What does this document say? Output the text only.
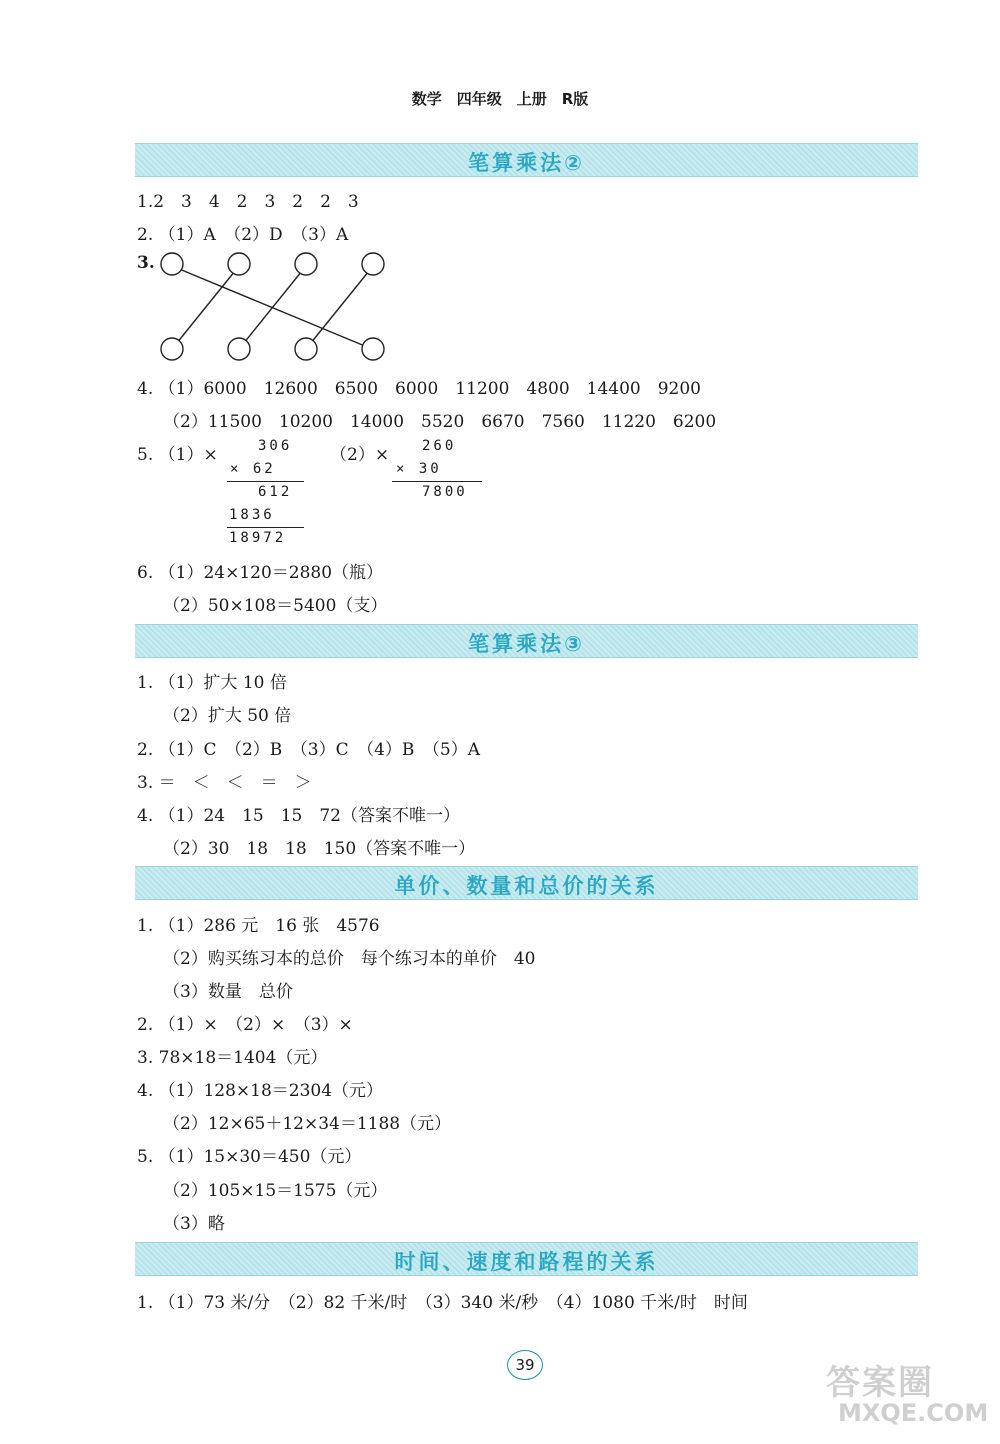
数学　四年级　上册　R版
笔算乘法②
1.2　3　4　2　3　2　2　3
2. （1）A　（2）D　（3）A
3.
4. （1）6000　12600　6500　6000　11200　4800　14400　9200
（2）11500　10200　14000　5520　6670　7560　11220　6200
5. （1）×	306
× 62
612
1836
18972
（2）× 260
× 30
7800
6. （1）24×120＝2880（瓶）
（2）50×108＝5400（支）
笔算乘法③
1. （1）扩大 10 倍
（2）扩大 50 倍
2. （1）C　（2）B　（3）C　（4）B　（5）A
3. ＝　＜　＜　＝　＞
4. （1）24　15　15　72（答案不唯一）
（2）30　18　18　150（答案不唯一）
单价、数量和总价的关系
1. （1）286 元　16 张　4576
（2）购买练习本的总价　每个练习本的单价　40
（3）数量　总价
2. （1）×　（2）×　（3）×
3. 78×18＝1404（元）
4. （1）128×18＝2304（元）
（2）12×65＋12×34＝1188（元）
5. （1）15×30＝450（元）
（2）105×15＝1575（元）
（3）略
时间、速度和路程的关系
1. （1）73 米/分　（2）82 千米/时　（3）340 米/秒　（4）1080 千米/时　时间
39	答案圈
MXQE.COM
